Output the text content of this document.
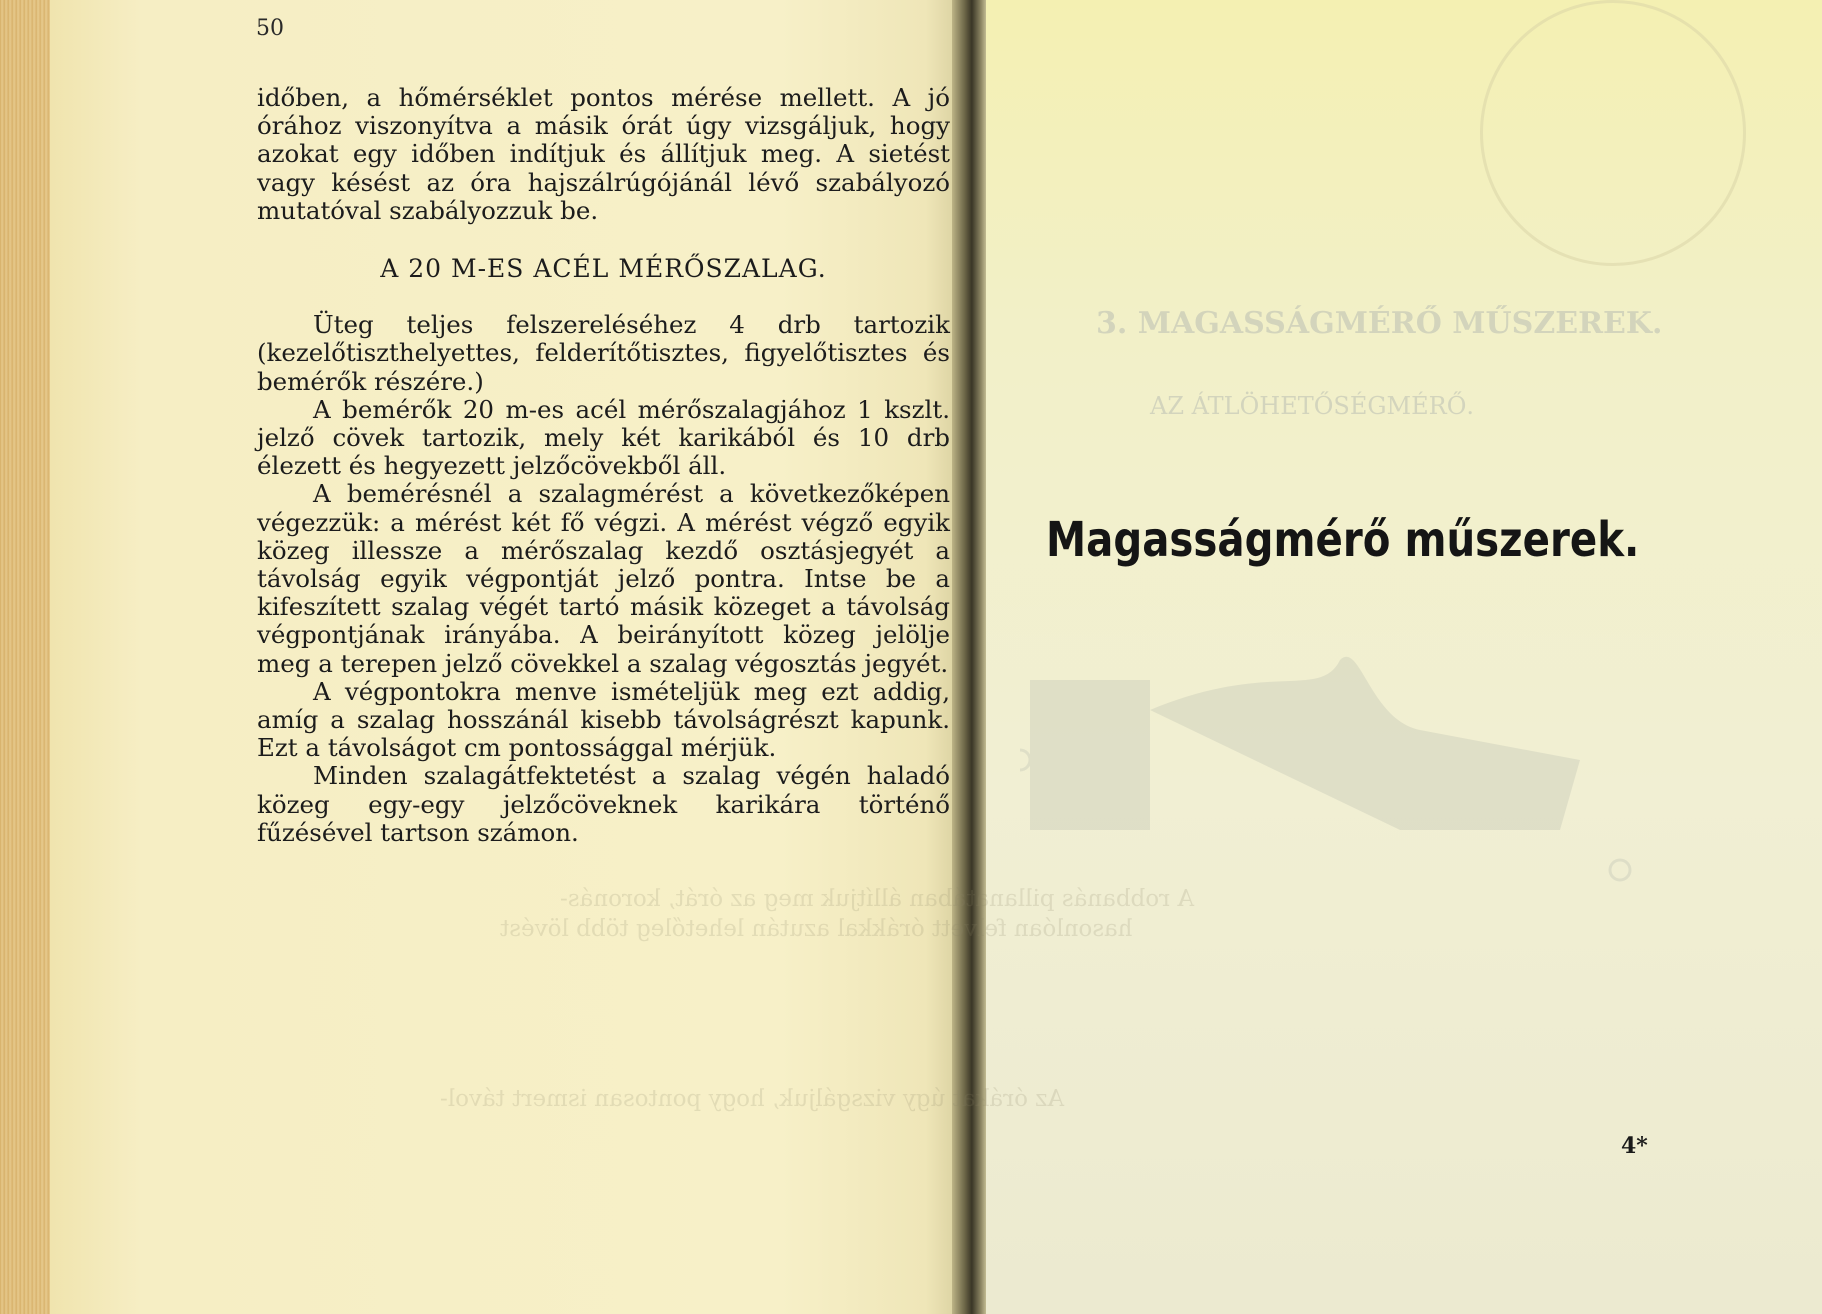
A robbanás pillanatában állítjuk meg az órát, koronás-
hasonlóan felvett órákkal azután lehetőleg több lövést
Az órákat úgy vizsgáljuk, hogy pontosan ismert távol-
3. MAGASSÁGMÉRŐ MŰSZEREK.
AZ ÁTLÖHETŐSÉGMÉRŐ.
50

időben, a hőmérséklet pontos mérése mellett. A jó órához viszonyítva a másik órát úgy vizsgáljuk, hogy azokat egy időben indítjuk és állítjuk meg. A sietést vagy késést az óra hajszálrúgójánál lévő szabályozó mutatóval szabályozzuk be.

A 20 M-ES ACÉL MÉRŐSZALAG.

Üteg teljes felszereléséhez 4 drb tartozik (kezelőtiszthelyettes, felderítőtisztes, figyelőtisztes és bemérők részére.)

A bemérők 20 m-es acél mérőszalagjához 1 kszlt. jelző cövek tartozik, mely két karikából és 10 drb élezett és hegyezett jelzőcövekből áll.

A bemérésnél a szalagmérést a következőképen végezzük: a mérést két fő végzi. A mérést végző egyik közeg illessze a mérőszalag kezdő osztásjegyét a távolság egyik végpontját jelző pontra. Intse be a kifeszített szalag végét tartó másik közeget a távolság végpontjának irányába. A beirányított közeg jelölje meg a terepen jelző cövekkel a szalag végosztás jegyét.

A végpontokra menve ismételjük meg ezt addig, amíg a szalag hosszánál kisebb távolságrészt kapunk. Ezt a távolságot cm pontossággal mérjük.

Minden szalagátfektetést a szalag végén haladó közeg egy-egy jelzőcöveknek karikára történő fűzésével tartson számon.

Magasságmérő műszerek.
4*
